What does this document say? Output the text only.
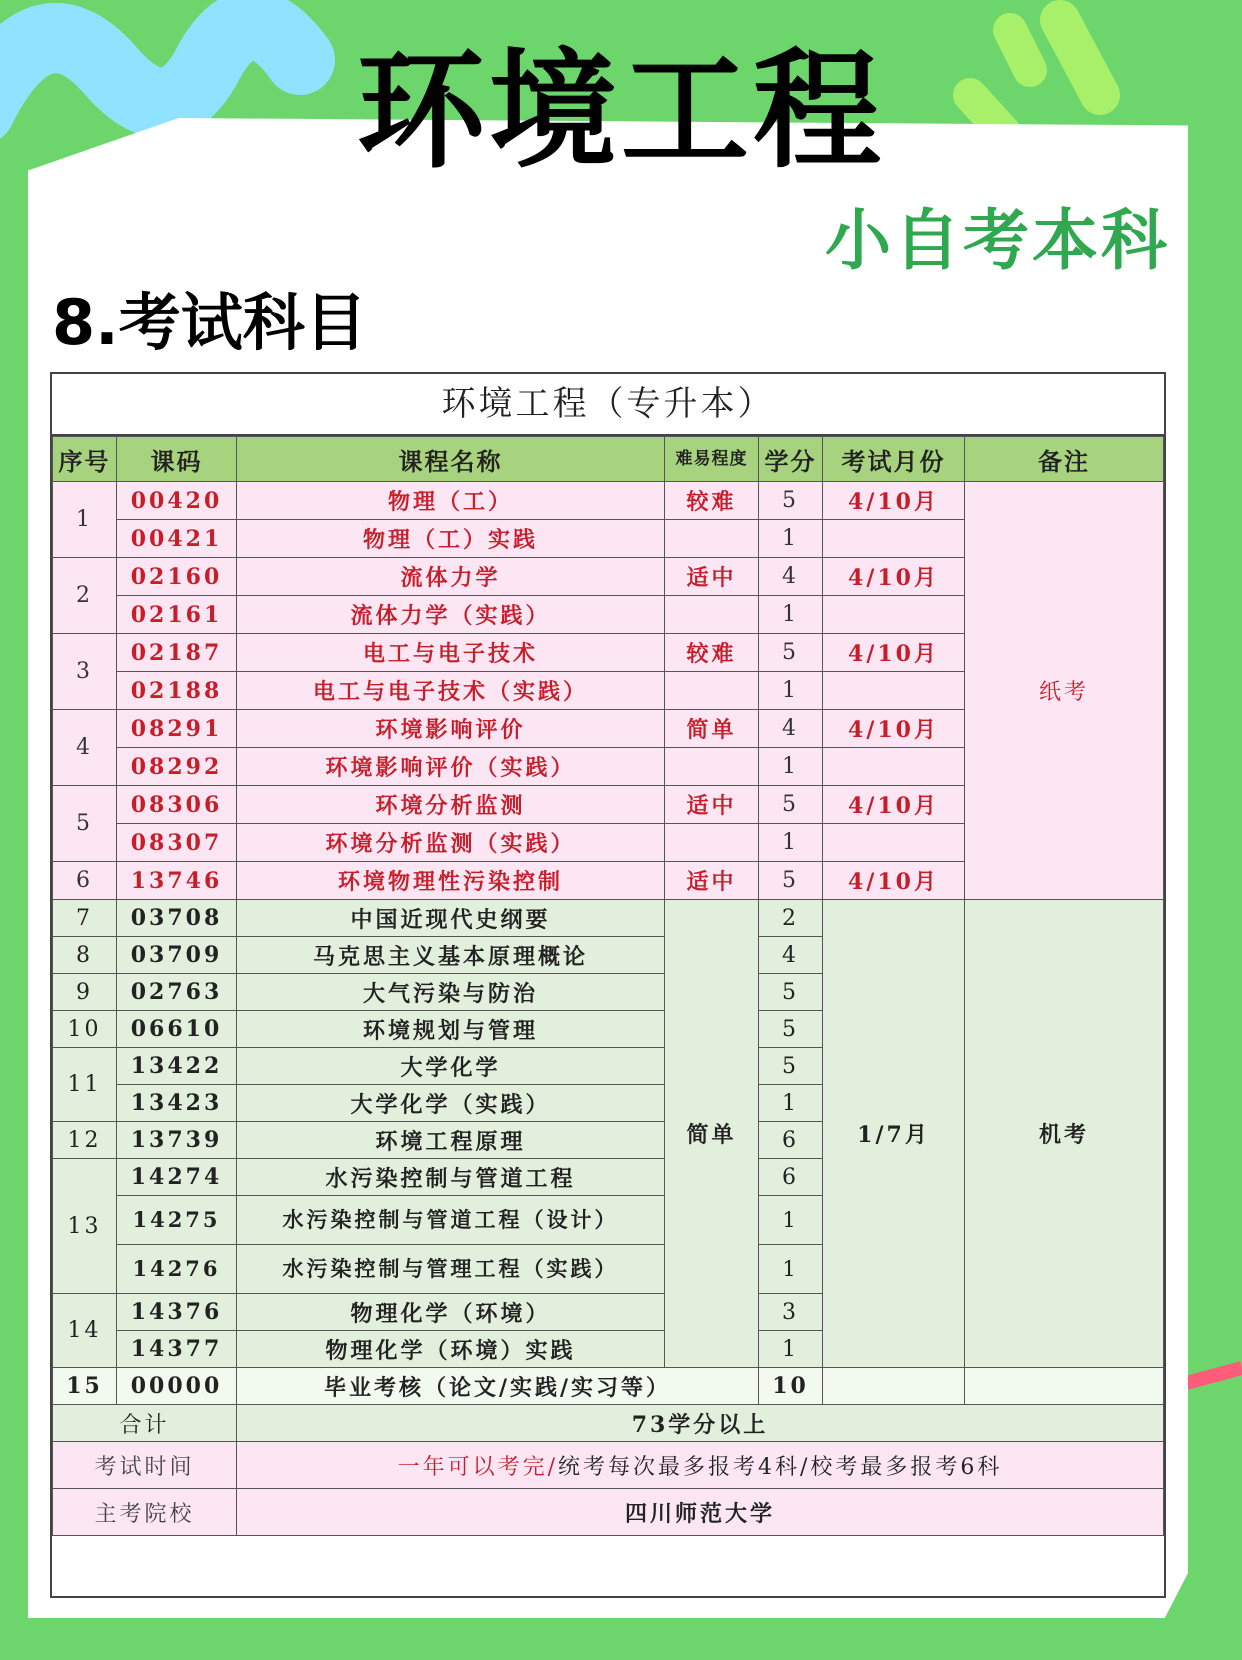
环境工程
小自考本科
8.考试科目
环境工程（专升本）
序号	课码	课程名称	难易程度	学分	考试月份	备注
1	00420	物理（工）	较难	5	4/10月	纸考
	00421	物理（工）实践		1		
2	02160	流体力学	适中	4	4/10月	
	02161	流体力学（实践）		1		
3	02187	电工与电子技术	较难	5	4/10月	
	02188	电工与电子技术（实践）		1		
4	08291	环境影响评价	简单	4	4/10月	
	08292	环境影响评价（实践）		1		
5	08306	环境分析监测	适中	5	4/10月	
	08307	环境分析监测（实践）		1		
6	13746	环境物理性污染控制	适中	5	4/10月	
7	03708	中国近现代史纲要	简单	2	1/7月	机考
8	03709	马克思主义基本原理概论		4		
9	02763	大气污染与防治		5		
10	06610	环境规划与管理		5		
11	13422	大学化学		5		
	13423	大学化学（实践）		1		
12	13739	环境工程原理		6		
13	14274	水污染控制与管道工程		6		
	14275	水污染控制与管道工程（设计）		1		
	14276	水污染控制与管理工程（实践）		1		
14	14376	物理化学（环境）		3		
	14377	物理化学（环境）实践		1		
15	00000	毕业考核（论文/实践/实习等）		10		
合计		73学分以上				
考试时间		一年可以考完/统考每次最多报考4科/校考最多报考6科				
主考院校		四川师范大学				
